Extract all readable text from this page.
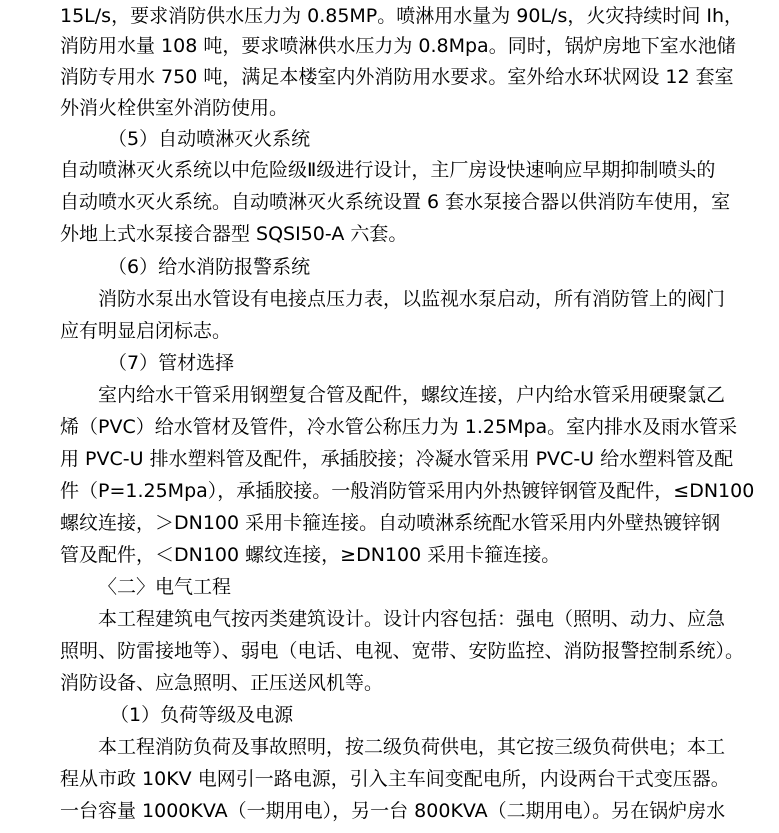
15L/s，要求消防供水压力为 0.85MP。喷淋用水量为 90L/s，火灾持续时间 Ih，
消防用水量 108 吨，要求喷淋供水压力为 0.8Mpa。同时，锅炉房地下室水池储
消防专用水 750 吨，满足本楼室内外消防用水要求。室外给水环状网设 12 套室
外消火栓供室外消防使用。
（5）自动喷淋灭火系统
自动喷淋灭火系统以中危险级Ⅱ级进行设计，主厂房设快速响应早期抑制喷头的
自动喷水灭火系统。自动喷淋灭火系统设置 6 套水泵接合器以供消防车使用，室
外地上式水泵接合器型 SQSI50-A 六套。
（6）给水消防报警系统
消防水泵出水管设有电接点压力表，以监视水泵启动，所有消防管上的阀门
应有明显启闭标志。
（7）管材选择
室内给水干管采用钢塑复合管及配件，螺纹连接，户内给水管采用硬聚氯乙
烯（PVC）给水管材及管件，冷水管公称压力为 1.25Mpa。室内排水及雨水管采
用 PVC-U 排水塑料管及配件，承插胶接；冷凝水管采用 PVC-U 给水塑料管及配
件（P=1.25Mpa），承插胶接。一般消防管采用内外热镀锌钢管及配件，≤DN100
螺纹连接，＞DN100 采用卡箍连接。自动喷淋系统配水管采用内外壁热镀锌钢
管及配件，＜DN100 螺纹连接，≥DN100 采用卡箍连接。
〈二〉电气工程
本工程建筑电气按丙类建筑设计。设计内容包括：强电（照明、动力、应急
照明、防雷接地等）、弱电（电话、电视、宽带、安防监控、消防报警控制系统）。
消防设备、应急照明、正压送风机等。
（1）负荷等级及电源
本工程消防负荷及事故照明，按二级负荷供电，其它按三级负荷供电；本工
程从市政 10KV 电网引一路电源，引入主车间变配电所，内设两台干式变压器。
一台容量 1000KVA（一期用电），另一台 800KVA（二期用电）。另在锅炉房水
